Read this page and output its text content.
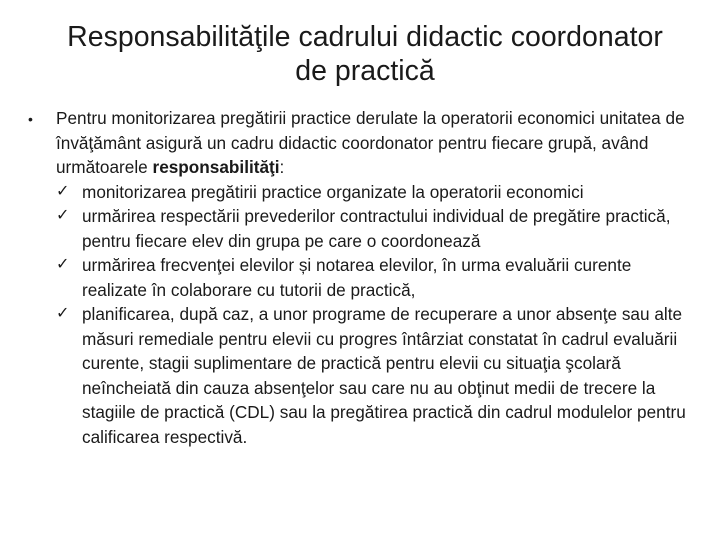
Responsabilităţile cadrului didactic coordonator
de practică
•	Pentru monitorizarea pregătirii practice derulate la operatorii economici unitatea de învăţământ asigură un cadru didactic coordonator pentru fiecare grupă, având următoarele responsabilităţi:
✓ monitorizarea pregătirii practice organizate la operatorii economici
✓ urmărirea respectării prevederilor contractului individual de pregătire practică, pentru fiecare elev din grupa pe care o coordonează
✓ urmărirea frecvenţei elevilor și notarea elevilor, în urma evaluării curente realizate în colaborare cu tutorii de practică,
✓ planificarea, după caz, a unor programe de recuperare a unor absenţe sau alte măsuri remediale pentru elevii cu progres întârziat constatat în cadrul evaluării curente, stagii suplimentare de practică pentru elevii cu situaţia şcolară neîncheiată din cauza absenţelor sau care nu au obţinut medii de trecere la stagiile de practică (CDL) sau la pregătirea practică din cadrul modulelor pentru calificarea respectivă.
